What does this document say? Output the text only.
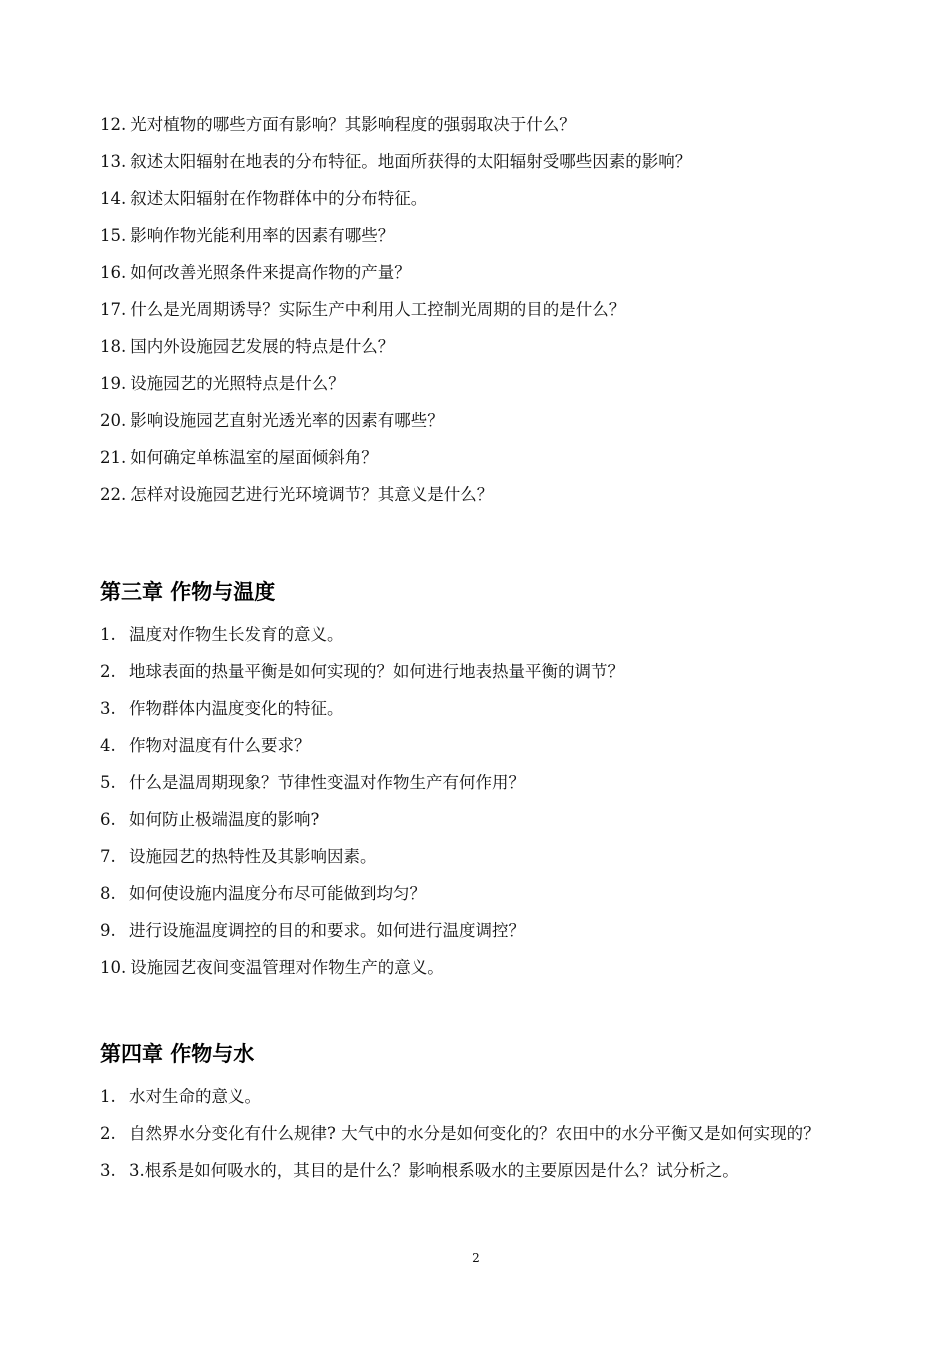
12. 光对植物的哪些方面有影响？其影响程度的强弱取决于什么？
13. 叙述太阳辐射在地表的分布特征。地面所获得的太阳辐射受哪些因素的影响？
14. 叙述太阳辐射在作物群体中的分布特征。
15. 影响作物光能利用率的因素有哪些？
16. 如何改善光照条件来提高作物的产量？
17. 什么是光周期诱导？实际生产中利用人工控制光周期的目的是什么？
18. 国内外设施园艺发展的特点是什么？
19. 设施园艺的光照特点是什么？
20. 影响设施园艺直射光透光率的因素有哪些？
21. 如何确定单栋温室的屋面倾斜角？
22. 怎样对设施园艺进行光环境调节？其意义是什么？
第三章 作物与温度
1. 温度对作物生长发育的意义。
2. 地球表面的热量平衡是如何实现的？如何进行地表热量平衡的调节？
3. 作物群体内温度变化的特征。
4. 作物对温度有什么要求？
5. 什么是温周期现象？节律性变温对作物生产有何作用？
6. 如何防止极端温度的影响?
7. 设施园艺的热特性及其影响因素。
8. 如何使设施内温度分布尽可能做到均匀？
9. 进行设施温度调控的目的和要求。如何进行温度调控？
10. 设施园艺夜间变温管理对作物生产的意义。
第四章 作物与水
1. 水对生命的意义。
2. 自然界水分变化有什么规律? 大气中的水分是如何变化的？农田中的水分平衡又是如何实现的？
3. 3.根系是如何吸水的，其目的是什么？影响根系吸水的主要原因是什么？试分析之。
2
